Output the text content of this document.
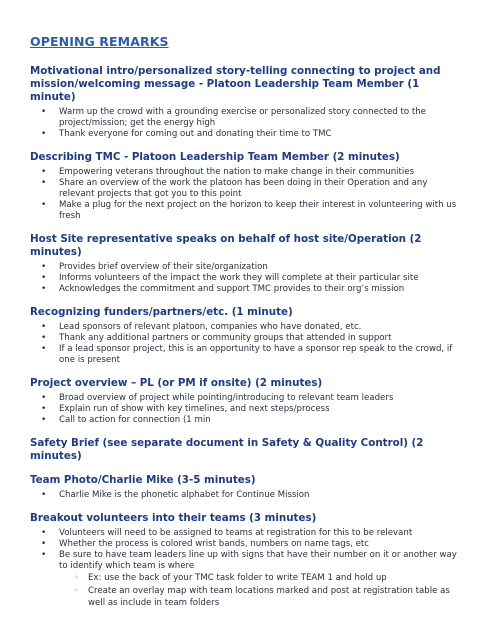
OPENING REMARKS
Motivational intro/personalized story-telling connecting to project and mission/welcoming message - Platoon Leadership Team Member (1 minute)
• Warm up the crowd with a grounding exercise or personalized story connected to the project/mission; get the energy high
• Thank everyone for coming out and donating their time to TMC
Describing TMC - Platoon Leadership Team Member (2 minutes)
• Empowering veterans throughout the nation to make change in their communities
• Share an overview of the work the platoon has been doing in their Operation and any relevant projects that got you to this point
• Make a plug for the next project on the horizon to keep their interest in volunteering with us fresh
Host Site representative speaks on behalf of host site/Operation (2 minutes)
• Provides brief overview of their site/organization
• Informs volunteers of the impact the work they will complete at their particular site
• Acknowledges the commitment and support TMC provides to their org’s mission
Recognizing funders/partners/etc. (1 minute)
• Lead sponsors of relevant platoon, companies who have donated, etc.
• Thank any additional partners or community groups that attended in support
• If a lead sponsor project, this is an opportunity to have a sponsor rep speak to the crowd, if one is present
Project overview – PL (or PM if onsite) (2 minutes)
• Broad overview of project while pointing/introducing to relevant team leaders
• Explain run of show with key timelines, and next steps/process
• Call to action for connection (1 min
Safety Brief (see separate document in Safety & Quality Control) (2 minutes)
Team Photo/Charlie Mike (3-5 minutes)
• Charlie Mike is the phonetic alphabet for Continue Mission
Breakout volunteers into their teams (3 minutes)
• Volunteers will need to be assigned to teams at registration for this to be relevant
• Whether the process is colored wrist bands, numbers on name tags, etc
• Be sure to have team leaders line up with signs that have their number on it or another way to identify which team is where
◦ Ex: use the back of your TMC task folder to write TEAM 1 and hold up
◦ Create an overlay map with team locations marked and post at registration table as well as include in team folders
